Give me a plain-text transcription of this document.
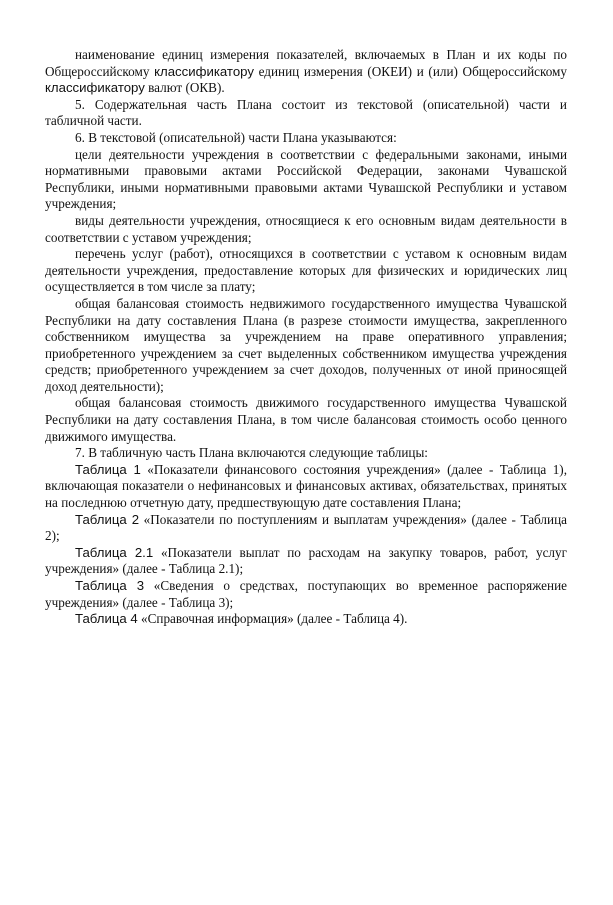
наименование единиц измерения показателей, включаемых в План и их коды по Общероссийскому классификатору единиц измерения (ОКЕИ) и (или) Общероссийскому классификатору валют (ОКВ).

5. Содержательная часть Плана состоит из текстовой (описательной) части и табличной части.

6. В текстовой (описательной) части Плана указываются:

цели деятельности учреждения в соответствии с федеральными законами, иными нормативными правовыми актами Российской Федерации, законами Чувашской Республики, иными нормативными правовыми актами Чувашской Республики и уставом учреждения;

виды деятельности учреждения, относящиеся к его основным видам деятельности в соответствии с уставом учреждения;

перечень услуг (работ), относящихся в соответствии с уставом к основным видам деятельности учреждения, предоставление которых для физических и юридических лиц осуществляется в том числе за плату;

общая балансовая стоимость недвижимого государственного имущества Чувашской Республики на дату составления Плана (в разрезе стоимости имущества, закрепленного собственником имущества за учреждением на праве оперативного управления; приобретенного учреждением за счет выделенных собственником имущества учреждения средств; приобретенного учреждением за счет доходов, полученных от иной приносящей доход деятельности);

общая балансовая стоимость движимого государственного имущества Чувашской Республики на дату составления Плана, в том числе балансовая стоимость особо ценного движимого имущества.

7. В табличную часть Плана включаются следующие таблицы:

Таблица 1 «Показатели финансового состояния учреждения» (далее - Таблица 1), включающая показатели о нефинансовых и финансовых активах, обязательствах, принятых на последнюю отчетную дату, предшествующую дате составления Плана;

Таблица 2 «Показатели по поступлениям и выплатам учреждения» (далее - Таблица 2);

Таблица 2.1 «Показатели выплат по расходам на закупку товаров, работ, услуг учреждения» (далее - Таблица 2.1);

Таблица 3 «Сведения о средствах, поступающих во временное распоряжение учреждения» (далее - Таблица 3);

Таблица 4 «Справочная информация» (далее - Таблица 4).
